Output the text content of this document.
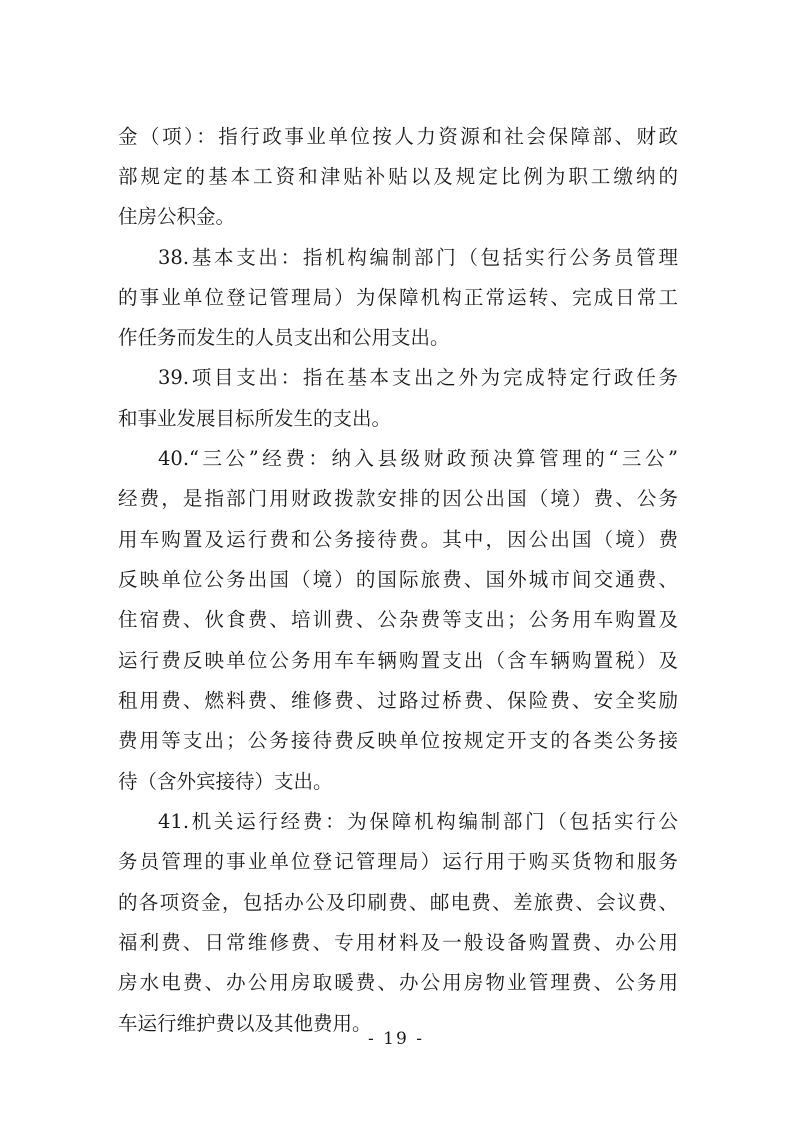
金（项）：指行政事业单位按人力资源和社会保障部、财政

部规定的基本工资和津贴补贴以及规定比例为职工缴纳的

住房公积金。

38.基本支出：指机构编制部门（包括实行公务员管理

的事业单位登记管理局）为保障机构正常运转、完成日常工

作任务而发生的人员支出和公用支出。

39.项目支出：指在基本支出之外为完成特定行政任务

和事业发展目标所发生的支出。

40.“三公”经费：纳入县级财政预决算管理的“三公”

经费，是指部门用财政拨款安排的因公出国（境）费、公务

用车购置及运行费和公务接待费。其中，因公出国（境）费

反映单位公务出国（境）的国际旅费、国外城市间交通费、

住宿费、伙食费、培训费、公杂费等支出；公务用车购置及

运行费反映单位公务用车车辆购置支出（含车辆购置税）及

租用费、燃料费、维修费、过路过桥费、保险费、安全奖励

费用等支出；公务接待费反映单位按规定开支的各类公务接

待（含外宾接待）支出。

41.机关运行经费：为保障机构编制部门（包括实行公

务员管理的事业单位登记管理局）运行用于购买货物和服务

的各项资金，包括办公及印刷费、邮电费、差旅费、会议费、

福利费、日常维修费、专用材料及一般设备购置费、办公用

房水电费、办公用房取暖费、办公用房物业管理费、公务用

车运行维护费以及其他费用。

- 19 -
